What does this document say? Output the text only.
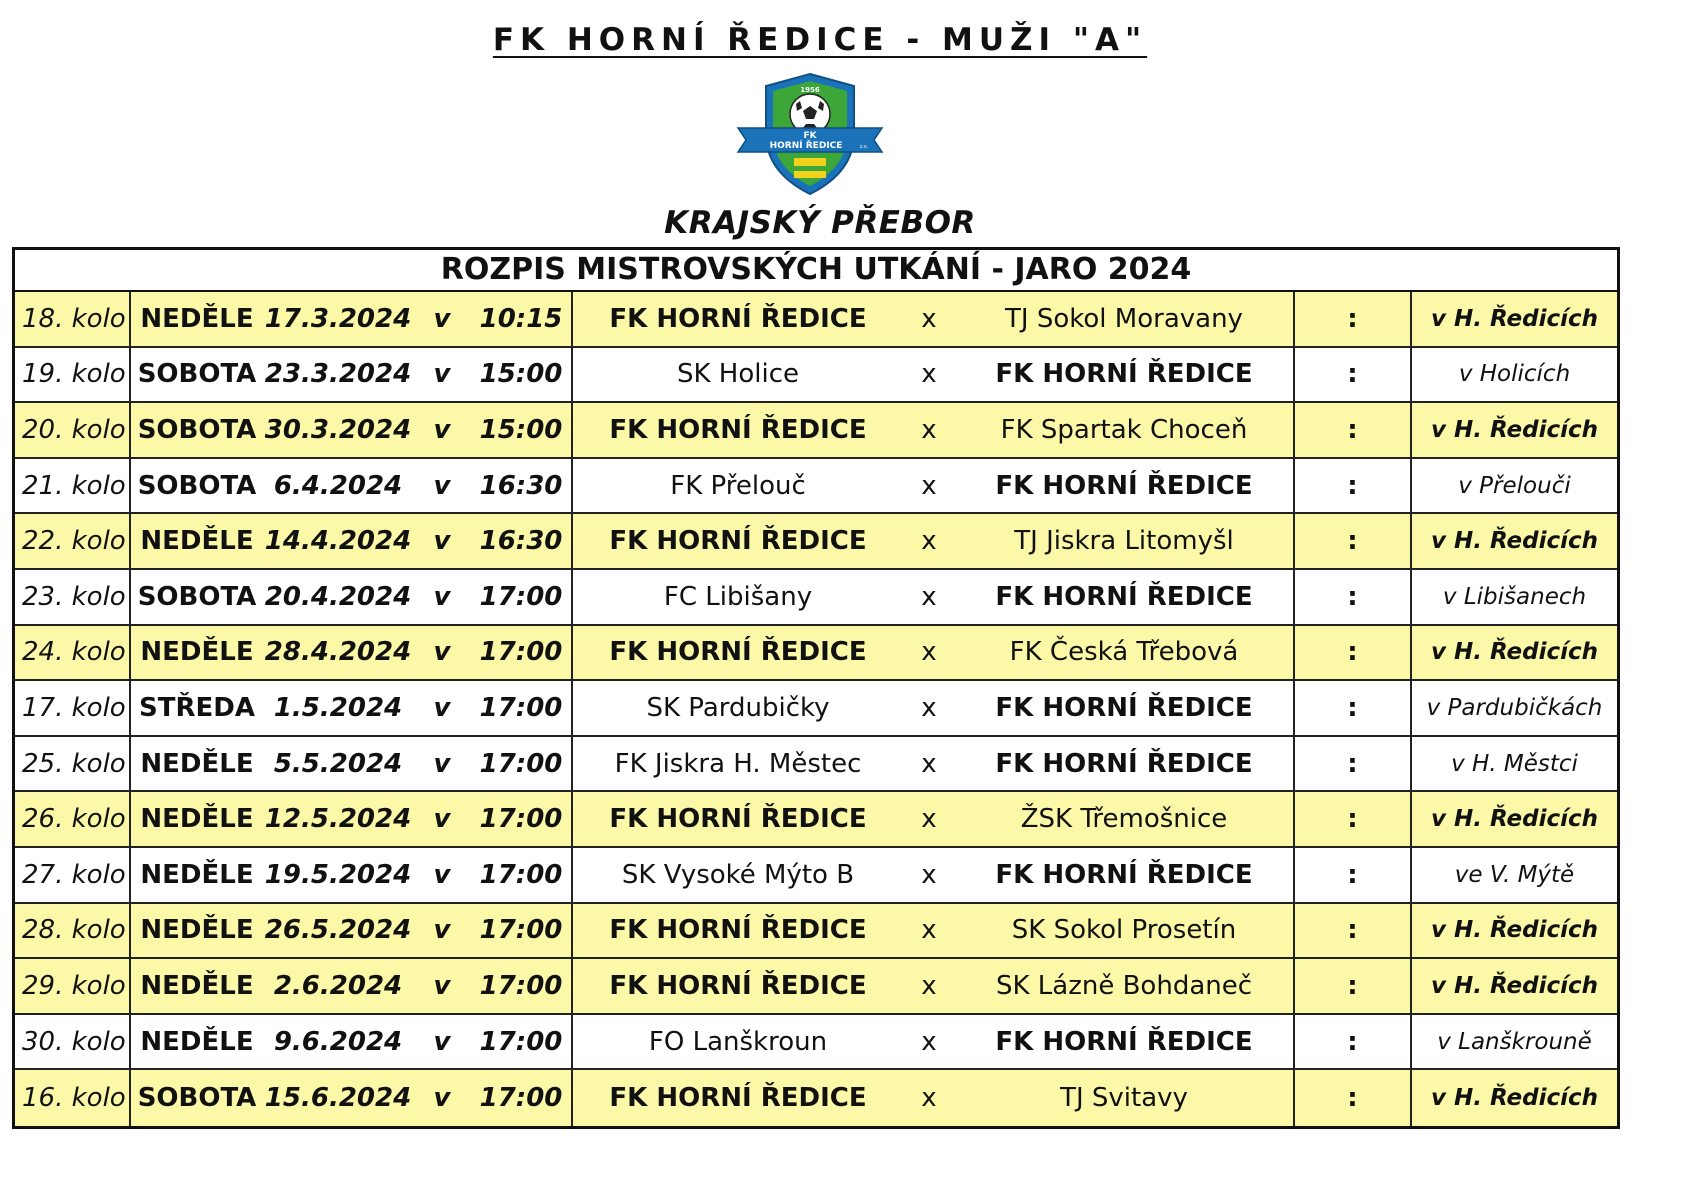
FK HORNÍ ŘEDICE - MUŽI "A"
1956
FK
HORNÍ ŘEDICE	z.s.
KRAJSKÝ PŘEBOR
ROZPIS MISTROVSKÝCH UTKÁNÍ - JARO 2024
18. kolo NEDĚLE 17.3.2024 v	10:15	FK HORNÍ ŘEDICE	x	TJ Sokol Moravany	:	v H. Ředicích
19. kolo SOBOTA 23.3.2024 v	15:00	SK Holice	x	FK HORNÍ ŘEDICE	:	v Holicích
20. kolo SOBOTA 30.3.2024 v	15:00	FK HORNÍ ŘEDICE	x	FK Spartak Choceň	:	v H. Ředicích
21. kolo SOBOTA 6.4.2024	v	16:30	FK Přelouč	x	FK HORNÍ ŘEDICE	:	v Přelouči
22. kolo NEDĚLE 14.4.2024 v	16:30	FK HORNÍ ŘEDICE	x	TJ Jiskra Litomyšl	:	v H. Ředicích
23. kolo SOBOTA 20.4.2024 v	17:00	FC Libišany	x	FK HORNÍ ŘEDICE	:	v Libišanech
24. kolo NEDĚLE 28.4.2024 v	17:00	FK HORNÍ ŘEDICE	x	FK Česká Třebová	:	v H. Ředicích
17. kolo STŘEDA 1.5.2024	v	17:00	SK Pardubičky	x	FK HORNÍ ŘEDICE	:	v Pardubičkách
25. kolo NEDĚLE 5.5.2024	v	17:00	FK Jiskra H. Městec	x	FK HORNÍ ŘEDICE	:	v H. Městci
26. kolo NEDĚLE 12.5.2024 v	17:00	FK HORNÍ ŘEDICE	x	ŽSK Třemošnice	:	v H. Ředicích
27. kolo NEDĚLE 19.5.2024 v	17:00	SK Vysoké Mýto B	x	FK HORNÍ ŘEDICE	:	ve V. Mýtě
28. kolo NEDĚLE 26.5.2024 v	17:00	FK HORNÍ ŘEDICE	x	SK Sokol Prosetín	:	v H. Ředicích
29. kolo NEDĚLE 2.6.2024	v	17:00	FK HORNÍ ŘEDICE	x	SK Lázně Bohdaneč	:	v H. Ředicích
30. kolo NEDĚLE 9.6.2024	v	17:00	FO Lanškroun	x	FK HORNÍ ŘEDICE	:	v Lanškrouně
16. kolo SOBOTA 15.6.2024 v	17:00	FK HORNÍ ŘEDICE	x	TJ Svitavy	:	v H. Ředicích
